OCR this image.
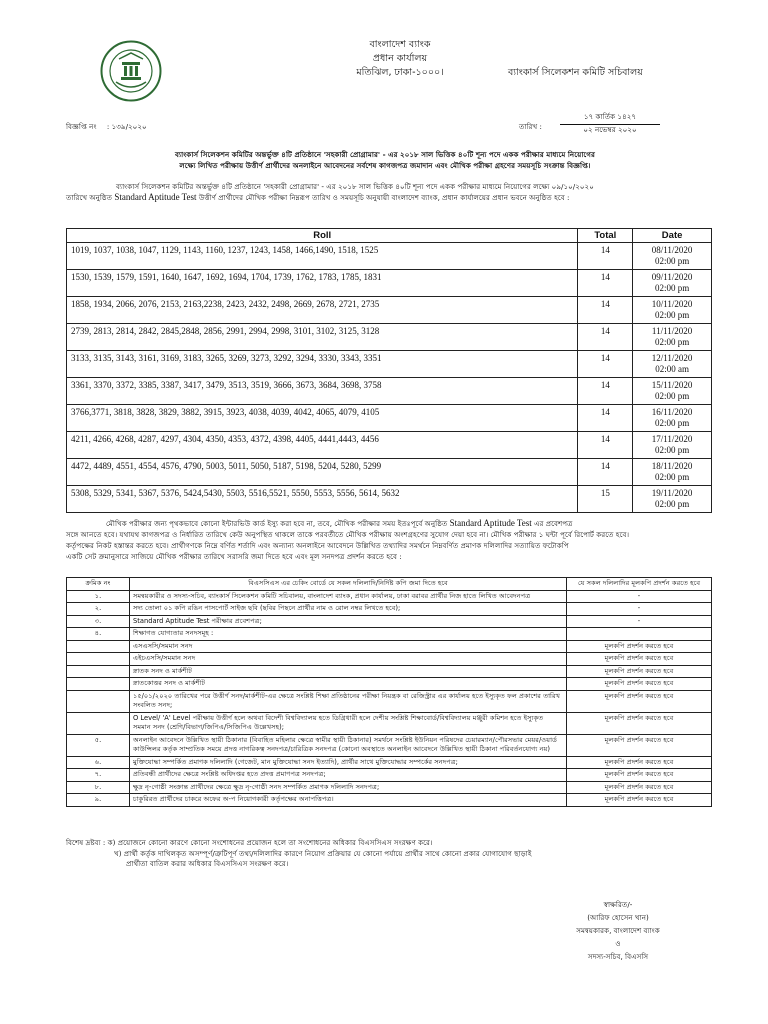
বাংলাদেশ ব্যাংক
প্রধান কার্যালয়
মতিঝিল, ঢাকা-১০০০।	ব্যাংকার্স সিলেকশন কমিটি সচিবালয়
বিজ্ঞপ্তি নং : ১৩৯/২০২০	তারিখ :
১৭ কার্তিক ১৪২৭
০২ নভেম্বর ২০২০
ব্যাংকার্স সিলেকশন কমিটির অন্তর্ভুক্ত ৪টি প্রতিষ্ঠানে 'সহকারী প্রোগ্রামার' - এর ২০১৮ সাল ভিত্তিক ৪০টি শূন্য পদে একক পরীক্ষার মাধ্যমে নিয়োগের
লক্ষ্যে লিখিত পরীক্ষায় উত্তীর্ণ প্রার্থীদের অনলাইনে আবেদনের সর্বশেষ কাগজপত্র জমাদান এবং মৌখিক পরীক্ষা গ্রহণের সময়সূচি সংক্রান্ত বিজ্ঞপ্তি।
ব্যাংকার্স সিলেকশন কমিটির অন্তর্ভুক্ত ৪টি প্রতিষ্ঠানে 'সহকারী প্রোগ্রামার' - এর ২০১৮ সাল ভিত্তিক ৪০টি শূন্য পদে একক পরীক্ষার মাধ্যমে নিয়োগের লক্ষ্যে ০৯/১০/২০২০
তারিখে অনুষ্ঠিত Standard Aptitude Test উত্তীর্ণ প্রার্থীদের মৌখিক পরীক্ষা নিম্নরূপ তারিখ ও সময়সূচি অনুযায়ী বাংলাদেশ ব্যাংক, প্রধান কার্যালয়ের প্রধান ভবনে অনুষ্ঠিত হবে :
Roll	Total	Date
1019, 1037, 1038, 1047, 1129, 1143, 1160, 1237, 1243, 1458, 1466,1490, 1518, 1525	14	08/11/2020
02:00 pm

1530, 1539, 1579, 1591, 1640, 1647, 1692, 1694, 1704, 1739, 1762, 1783, 1785, 1831	14	09/11/2020
02:00 pm

1858, 1934, 2066, 2076, 2153, 2163,2238, 2423, 2432, 2498, 2669, 2678, 2721, 2735	14	10/11/2020
02:00 pm

2739, 2813, 2814, 2842, 2845,2848, 2856, 2991, 2994, 2998, 3101, 3102, 3125, 3128	14	11/11/2020
02:00 pm

3133, 3135, 3143, 3161, 3169, 3183, 3265, 3269, 3273, 3292, 3294, 3330, 3343, 3351	14	12/11/2020
02:00 am

3361, 3370, 3372, 3385, 3387, 3417, 3479, 3513, 3519, 3666, 3673, 3684, 3698, 3758	14	15/11/2020
02:00 pm

3766,3771, 3818, 3828, 3829, 3882, 3915, 3923, 4038, 4039, 4042, 4065, 4079, 4105	14	16/11/2020
02:00 pm

4211, 4266, 4268, 4287, 4297, 4304, 4350, 4353, 4372, 4398, 4405, 4441,4443, 4456	14	17/11/2020
02:00 pm

4472, 4489, 4551, 4554, 4576, 4790, 5003, 5011, 5050, 5187, 5198, 5204, 5280, 5299	14	18/11/2020
02:00 pm

5308, 5329, 5341, 5367, 5376, 5424,5430, 5503, 5516,5521, 5550, 5553, 5556, 5614, 5632	15	19/11/2020
02:00 pm
মৌখিক পরীক্ষার জন্য পৃথকভাবে কোনো ইন্টারভিউ কার্ড ইস্যু করা হবে না, তবে, মৌখিক পরীক্ষার সময় ইতঃপূর্বে অনুষ্ঠিত Standard Aptitude Test এর প্রবেশপত্র
সঙ্গে আনতে হবে। যথাযথ কাগজপত্র ও নির্ধারিত তারিখে কেউ অনুপস্থিত থাকলে তাকে পরবর্তীতে মৌখিক পরীক্ষায় অংশগ্রহণের সুযোগ দেয়া হবে না। মৌখিক পরীক্ষার ১ ঘন্টা পূর্বে রিপোর্ট করতে হবে।
কর্তৃপক্ষের নিকট হস্তান্তর করতে হবে। প্রার্থীগণকে নিম্নে বর্ণিত শর্তাদি এবং অন্যান্য অনলাইনে আবেদনে উল্লিখিত তথ্যাদির সমর্থনে নিম্নবর্ণিত প্রমাণক দলিলাদির সত্যায়িত ফটোকপি
একটি সেট ক্রমানুসারে সাজিয়ে মৌখিক পরীক্ষার তারিখে সরাসরি জমা দিতে হবে এবং মূল সনদপত্র প্রদর্শন করতে হবে :
ক্রমিক নং	বিএসসিএস এর চেকিং বোর্ডে যে সকল দলিলাদি/নির্দিষ্ট কপি জমা দিতে হবে	যে সকল দলিলাদির মূলকপি প্রদর্শন করতে হবে
১.	সমন্বয়কারীর ও সদস্য-সচিব, ব্যাংকার্স সিলেকশন কমিটি সচিবালয়, বাংলাদেশ ব্যাংক, প্রধান কার্যালয়, ঢাকা বরাবর প্রার্থীর নিজ হাতে লিখিত আবেদনপত্র	-
২.	সদ্য তোলা ০১ কপি রঙিন পাসপোর্ট সাইজ ছবি (ছবির পিছনে প্রার্থীর নাম ও রোল নম্বর লিখতে হবে);	-
৩.	Standard Aptitude Test পরীক্ষার প্রবেশপত্র;	-
৪.	শিক্ষাগত যোগ্যতার সনদসমূহ :	
	এসএসসি/সমমান সনদ	মূলকপি প্রদর্শন করতে হবে
	এইচএসসি/সমমান সনদ	মূলকপি প্রদর্শন করতে হবে
	স্নাতক সনদ ও মার্কশীট	মূলকপি প্রদর্শন করতে হবে
	স্নাতকোত্তর সনদ ও মার্কশীট	মূলকপি প্রদর্শন করতে হবে
	১৫/০১/২০২০ তারিখের পরে উত্তীর্ণ সনদ/মার্কশীট-এর ক্ষেত্রে সংশ্লিষ্ট শিক্ষা প্রতিষ্ঠানের পরীক্ষা নিয়ন্ত্রক বা রেজিস্ট্রার এর কার্যালয় হতে ইস্যুকৃত ফল প্রকাশের তারিখ সংবলিত সনদ;	মূলকপি প্রদর্শন করতে হবে
	O Level/ 'A' Level পরীক্ষায় উত্তীর্ণ হলে অথবা বিদেশী বিশ্ববিদ্যালয় হতে ডিগ্রিধারী হলে দেশীয় সংশ্লিষ্ট শিক্ষাবোর্ড/বিশ্ববিদ্যালয় মঞ্জুরী কমিশন হতে ইস্যুকৃত সমমান সনদ (শ্রেণি/বিভাগ/জিপিএ/সিজিপিএ উল্লেখসহ);	মূলকপি প্রদর্শন করতে হবে
৫.	অনলাইন আবেদনে উল্লিখিত স্থায়ী ঠিকানার (বিবাহিত মহিলার ক্ষেত্রে স্বামীর স্থায়ী ঠিকানার) সমর্থনে সংশ্লিষ্ট ইউনিয়ন পরিষদের চেয়ারম্যান/পৌরসভার মেয়র/ওয়ার্ড কাউন্সিলর কর্তৃক সাম্প্রতিক সময়ে প্রদত্ত নাগরিকত্ব সনদপত্র/চারিত্রিক সনদপত্র (কোনো অবস্থাতে অনলাইন আবেদনে উল্লিখিত স্থায়ী ঠিকানা পরিবর্তনযোগ্য নয়)	মূলকপি প্রদর্শন করতে হবে
৬.	মুক্তিযোদ্ধা সম্পর্কিত প্রমাণক দলিলাদি (গেজেট, মান মুক্তিযোদ্ধা সনদ ইত্যাদি), প্রার্থীর সাথে মুক্তিযোদ্ধার সম্পর্কের সনদপত্র;	মূলকপি প্রদর্শন করতে হবে
৭.	প্রতিবন্ধী প্রার্থীদের ক্ষেত্রে সংশ্লিষ্ট অধিদপ্তর হতে প্রদত্ত প্রমাণপত্র সনদপত্র;	মূলকপি প্রদর্শন করতে হবে
৮.	ক্ষুদ্র নৃ-গোষ্ঠী সংক্রান্ত প্রার্থীদের ক্ষেত্রে ক্ষুদ্র নৃ-গোষ্ঠী সনদ সম্পর্কিত প্রমাণক দলিলাদি সনদপত্র;	মূলকপি প্রদর্শন করতে হবে
৯.	চাকুরিরত প্রার্থীদের চাকরে অফের অ-প নিয়োগকারী কর্তৃপক্ষের অনাপত্তিপত্র।	মূলকপি প্রদর্শন করতে হবে
বিশেষ দ্রষ্টব্য : ক) প্রয়োজনে কোনো কারণে কোনো সংশোধনের প্রয়োজন হলে তা সংশোধনের অধিকার বিএসসিএস সংরক্ষণ করে।
খ) প্রার্থী কর্তৃক দাখিলকৃত অসম্পূর্ণ/ত্রুটিপূর্ণ তথ্য/দলিলাদির কারণে নিয়োগ প্রক্রিয়ার যে কোনো পর্যায়ে প্রার্থীর সাথে কোনো প্রকার যোগাযোগ ছাড়াই
প্রার্থীতা বাতিল করার অধিকার বিএসসিএস সংরক্ষণ করে।
স্বাক্ষরিত/-
(আরিফ হোসেন খান)
সমন্বয়কারক, বাংলাদেশ ব্যাংক
ও
সদস্য-সচিব, বিএসসি
